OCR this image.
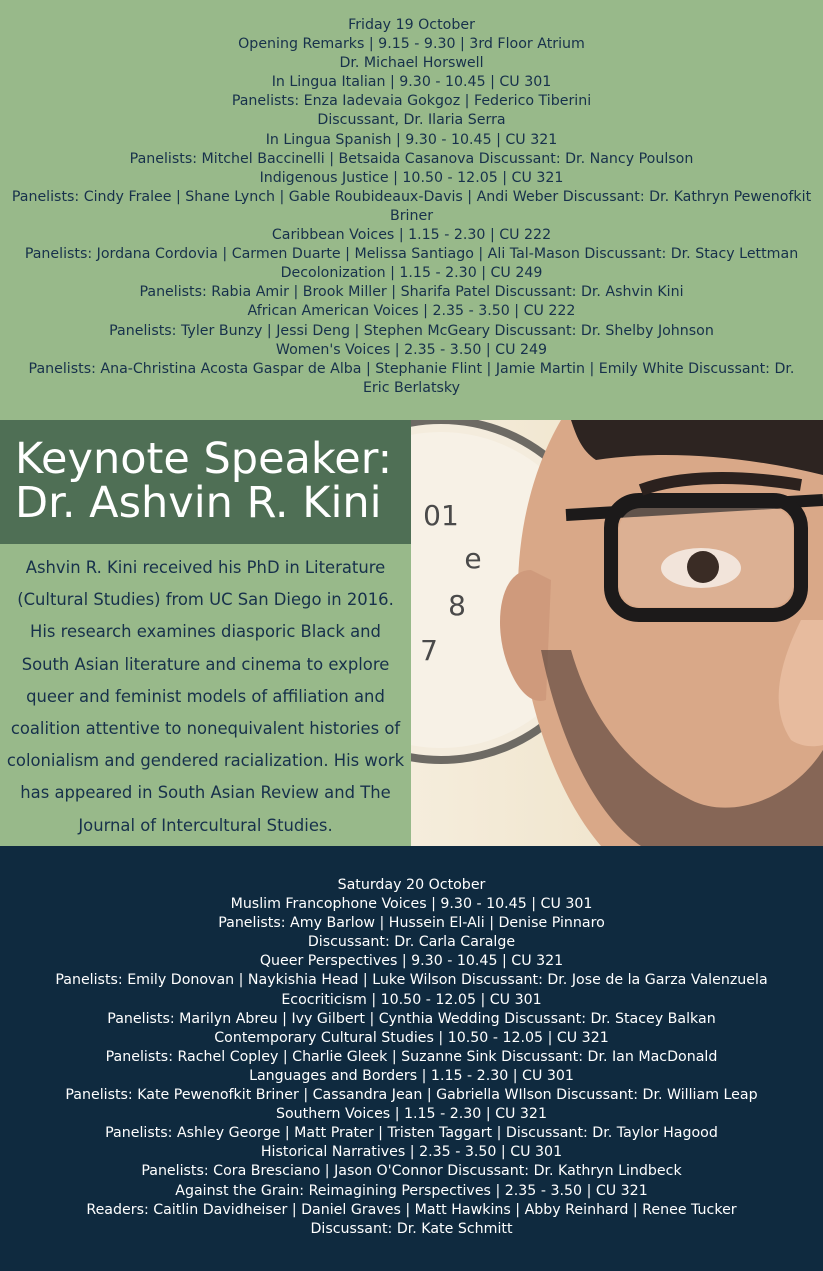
Friday 19 October
Opening Remarks | 9.15 - 9.30 | 3rd Floor Atrium
Dr. Michael Horswell
In Lingua Italian | 9.30 - 10.45 | CU 301
Panelists: Enza Iadevaia Gokgoz | Federico Tiberini
Discussant, Dr. Ilaria Serra
In Lingua Spanish | 9.30 - 10.45 | CU 321
Panelists: Mitchel Baccinelli | Betsaida Casanova Discussant: Dr. Nancy Poulson
Indigenous Justice | 10.50 - 12.05 | CU 321
Panelists: Cindy Fralee | Shane Lynch | Gable Roubideaux-Davis | Andi Weber Discussant: Dr. Kathryn Pewenofkit Briner
Caribbean Voices | 1.15 - 2.30 | CU 222
Panelists: Jordana Cordovia | Carmen Duarte | Melissa Santiago | Ali Tal-Mason Discussant: Dr. Stacy Lettman
Decolonization | 1.15 - 2.30 | CU 249
Panelists: Rabia Amir | Brook Miller | Sharifa Patel Discussant: Dr. Ashvin Kini
African American Voices | 2.35 - 3.50 | CU 222
Panelists: Tyler Bunzy | Jessi Deng | Stephen McGeary Discussant: Dr. Shelby Johnson
Women's Voices | 2.35 - 3.50 | CU 249
Panelists: Ana-Christina Acosta Gaspar de Alba | Stephanie Flint | Jamie Martin | Emily White Discussant: Dr. Eric Berlatsky
Keynote Speaker:
Dr. Ashvin R. Kini
Ashvin R. Kini received his PhD in Literature (Cultural Studies) from UC San Diego in 2016. His research examines diasporic Black and South Asian literature and cinema to explore queer and feminist models of affiliation and coalition attentive to nonequivalent histories of colonialism and gendered racialization. His work has appeared in South Asian Review and The Journal of Intercultural Studies.
01
e
8
7
Saturday 20 October
Muslim Francophone Voices | 9.30 - 10.45 | CU 301
Panelists: Amy Barlow | Hussein El-Ali | Denise Pinnaro
Discussant: Dr. Carla Caralge
Queer Perspectives | 9.30 - 10.45 | CU 321
Panelists: Emily Donovan | Naykishia Head | Luke Wilson Discussant: Dr. Jose de la Garza Valenzuela
Ecocriticism | 10.50 - 12.05 | CU 301
Panelists: Marilyn Abreu | Ivy Gilbert | Cynthia Wedding Discussant: Dr. Stacey Balkan
Contemporary Cultural Studies | 10.50 - 12.05 | CU 321
Panelists: Rachel Copley | Charlie Gleek | Suzanne Sink Discussant: Dr. Ian MacDonald
Languages and Borders | 1.15 - 2.30 | CU 301
Panelists: Kate Pewenofkit Briner | Cassandra Jean | Gabriella WIlson Discussant: Dr. William Leap
Southern Voices | 1.15 - 2.30 | CU 321
Panelists: Ashley George | Matt Prater | Tristen Taggart | Discussant: Dr. Taylor Hagood
Historical Narratives | 2.35 - 3.50 | CU 301
Panelists: Cora Bresciano | Jason O'Connor Discussant: Dr. Kathryn Lindbeck
Against the Grain: Reimagining Perspectives | 2.35 - 3.50 | CU 321
Readers: Caitlin Davidheiser | Daniel Graves | Matt Hawkins | Abby Reinhard | Renee Tucker
Discussant: Dr. Kate Schmitt
